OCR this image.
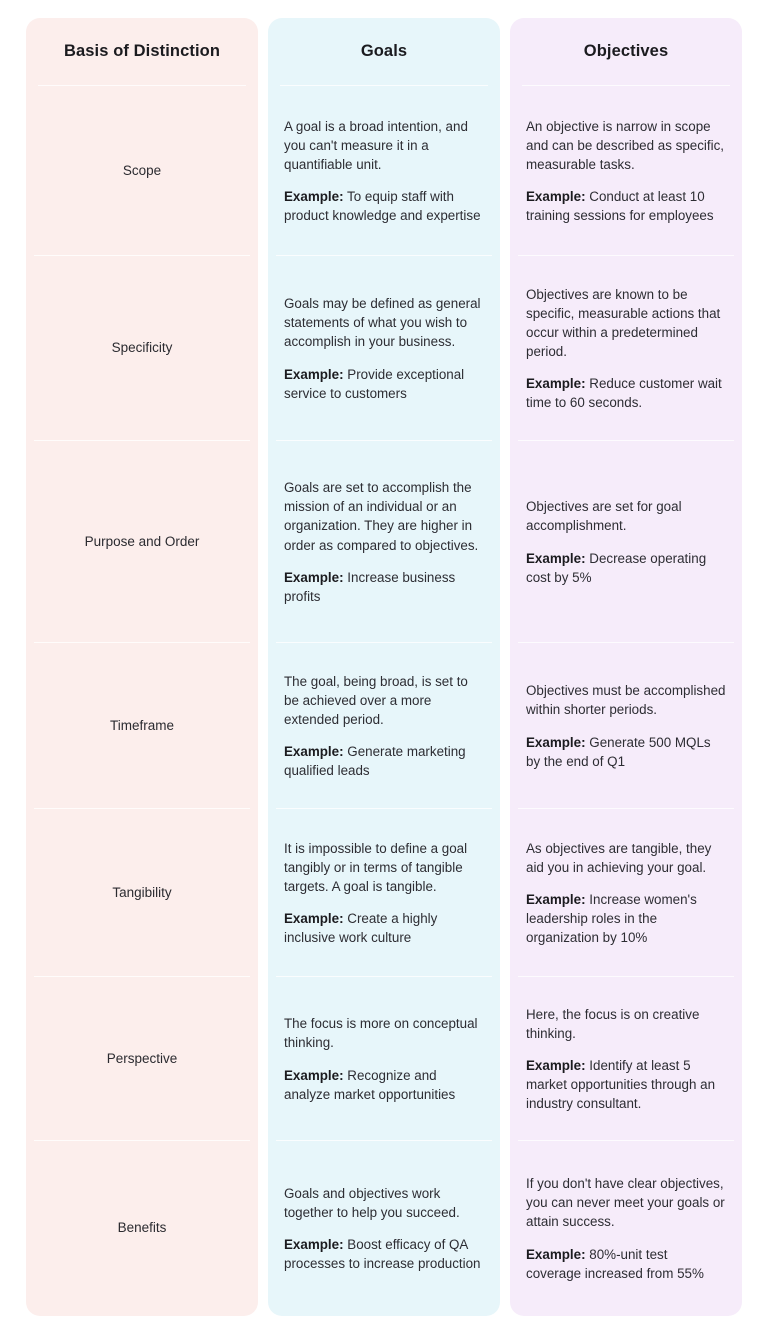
Basis of Distinction
Scope
Specificity
Purpose and Order
Timeframe
Tangibility
Perspective
Benefits
Goals

A goal is a broad intention, and you can't measure it in a quantifiable unit.

Example: To equip staff with product knowledge and expertise

Goals may be defined as general statements of what you wish to accomplish in your business.

Example: Provide exceptional service to customers

Goals are set to accomplish the mission of an individual or an organization. They are higher in order as compared to objectives.

Example: Increase business profits

The goal, being broad, is set to be achieved over a more extended period.

Example: Generate marketing qualified leads

It is impossible to define a goal tangibly or in terms of tangible targets. A goal is tangible.

Example: Create a highly inclusive work culture

The focus is more on conceptual thinking.

Example: Recognize and analyze market opportunities

Goals and objectives work together to help you succeed.

Example: Boost efficacy of QA processes to increase production

Objectives

An objective is narrow in scope and can be described as specific, measurable tasks.

Example: Conduct at least 10 training sessions for employees

Objectives are known to be specific, measurable actions that occur within a predetermined period.

Example: Reduce customer wait time to 60 seconds.

Objectives are set for goal accomplishment.

Example: Decrease operating cost by 5%

Objectives must be accomplished within shorter periods.

Example: Generate 500 MQLs by the end of Q1

As objectives are tangible, they aid you in achieving your goal.

Example: Increase women's leadership roles in the organization by 10%

Here, the focus is on creative thinking.

Example: Identify at least 5 market opportunities through an industry consultant.

If you don't have clear objectives, you can never meet your goals or attain success.

Example: 80%-unit test coverage increased from 55%
